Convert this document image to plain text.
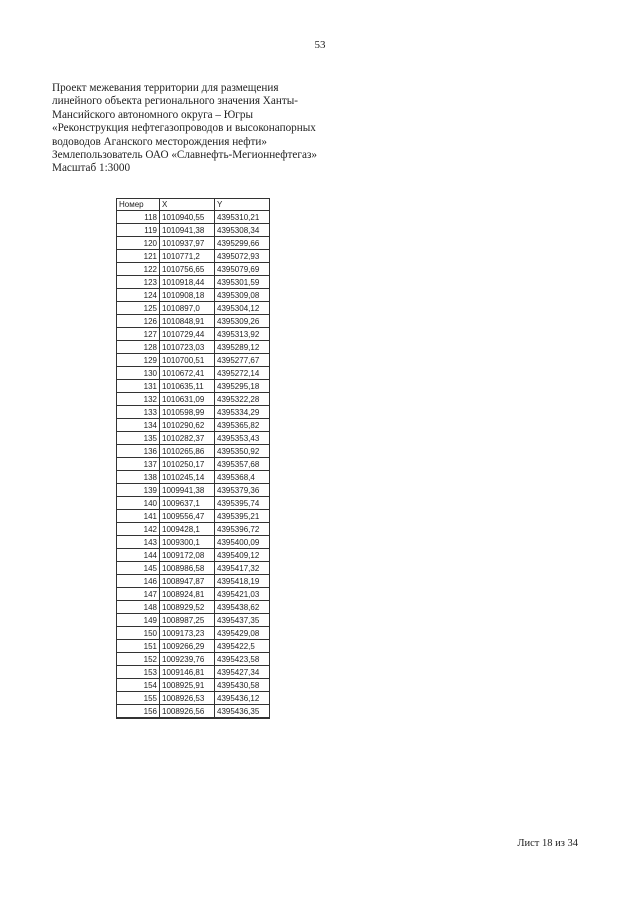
53
Проект межевания территории для размещения
линейного объекта регионального значения Ханты-
Мансийского автономного округа – Югры
«Реконструкция нефтегазопроводов и высоконапорных
водоводов Аганского месторождения нефти»
Землепользователь ОАО «Славнефть-Мегионнефтегаз»
Масштаб 1:3000
Номер	X	Y
118	1010940,55	4395310,21
119	1010941,38	4395308,34
120	1010937,97	4395299,66
121	1010771,2	4395072,93
122	1010756,65	4395079,69
123	1010918,44	4395301,59
124	1010908,18	4395309,08
125	1010897,0	4395304,12
126	1010848,91	4395309,26
127	1010729,44	4395313,92
128	1010723,03	4395289,12
129	1010700,51	4395277,67
130	1010672,41	4395272,14
131	1010635,11	4395295,18
132	1010631,09	4395322,28
133	1010598,99	4395334,29
134	1010290,62	4395365,82
135	1010282,37	4395353,43
136	1010265,86	4395350,92
137	1010250,17	4395357,68
138	1010245,14	4395368,4
139	1009941,38	4395379,36
140	1009637,1	4395395,74
141	1009556,47	4395395,21
142	1009428,1	4395396,72
143	1009300,1	4395400,09
144	1009172,08	4395409,12
145	1008986,58	4395417,32
146	1008947,87	4395418,19
147	1008924,81	4395421,03
148	1008929,52	4395438,62
149	1008987,25	4395437,35
150	1009173,23	4395429,08
151	1009266,29	4395422,5
152	1009239,76	4395423,58
153	1009146,81	4395427,34
154	1008925,91	4395430,58
155	1008926,53	4395436,12
156	1008926,56	4395436,35
Лист 18 из 34
